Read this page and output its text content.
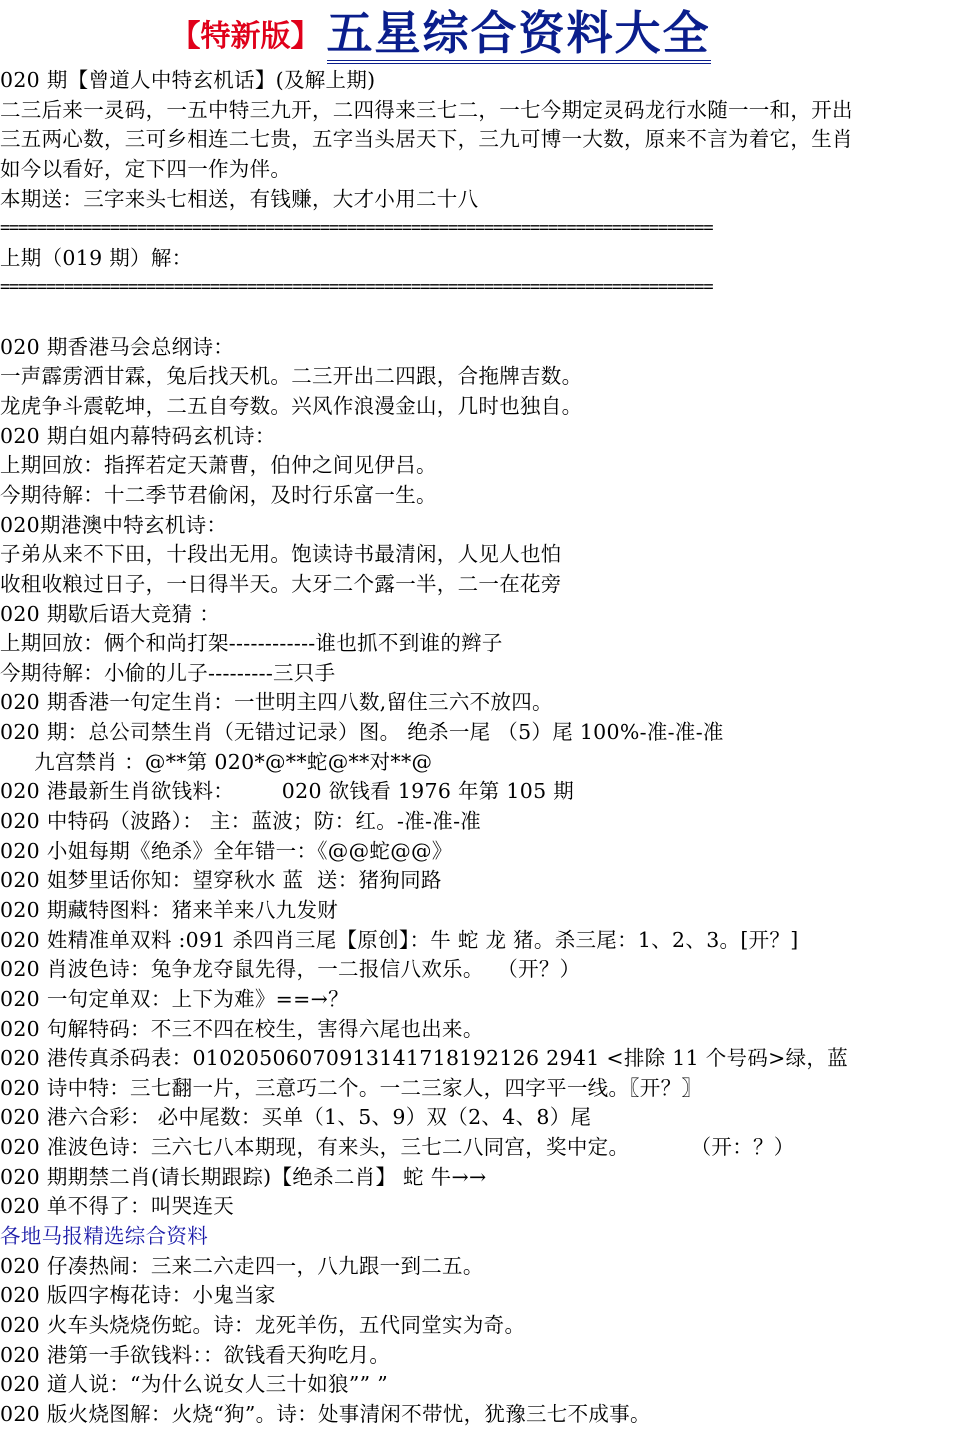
【特新版】 五星综合资料大全
020 期【曾道人中特玄机话】(及解上期)
二三后来一灵码，一五中特三九开，二四得来三七二，一七今期定灵码龙行水随一一和，开出
三五两心数，三可乡相连二七贵，五字当头居天下，三九可博一大数，原来不言为着它，生肖
如今以看好，定下四一作为伴。
本期送：三字来头七相送，有钱赚，大才小用二十八
==============================================================================
上期（019 期）解：
==============================================================================
020 期香港马会总纲诗：
一声霹雳洒甘霖，兔后找天机。二三开出二四跟，合拖牌吉数。
龙虎争斗震乾坤，二五自夸数。兴风作浪漫金山，几时也独自。
020 期白姐内幕特码玄机诗：
上期回放：指挥若定天萧曹，伯仲之间见伊吕。
今期待解：十二季节君偷闲，及时行乐富一生。
020期港澳中特玄机诗：
子弟从来不下田，十段出无用。饱读诗书最清闲，人见人也怕
收租收粮过日子，一日得半天。大牙二个露一半，二一在花旁
020 期歇后语大竞猜 ：
上期回放：俩个和尚打架------------谁也抓不到谁的辫子
今期待解：小偷的儿子---------三只手
020 期香港一句定生肖：一世明主四八数,留住三六不放四。
020 期：总公司禁生肖（无错过记录）图。 绝杀一尾 （5）尾 100%-准-准-准
九宫禁肖 ：@**第 020*@**蛇@**对**@
020 港最新生肖欲钱料：       020 欲钱看 1976 年第 105 期
020 中特码（波路）： 主：蓝波；防：红。-准-准-准
020 小姐每期《绝杀》全年错一：《@@蛇@@》
020 姐梦里话你知：望穿秋水 蓝  送：猪狗同路
020 期藏特图料：猪来羊来八九发财
020 姓精准单双料 :091 杀四肖三尾【原创】：牛 蛇 龙 猪。杀三尾：1、2、3。[开？]
020 肖波色诗：兔争龙夺鼠先得，一二报信八欢乐。  （开？）
020 一句定单双：上下为难》==→？
020 句解特码：不三不四在校生，害得六尾也出来。
020 港传真杀码表：01020506070913141718192126 2941 <排除 11 个号码>绿，蓝
020 诗中特：三七翻一片，三意巧二个。一二三家人，四字平一线。〖开？〗
020 港六合彩： 必中尾数：买单（1、5、9）双（2、4、8）尾
020 准波色诗：三六七八本期现，有来头，三七二八同宫，奖中定。         （开：？）
020 期期禁二肖(请长期跟踪)【绝杀二肖】 蛇 牛→→
020 单不得了：叫哭连天
各地马报精选综合资料
020 仔凑热闹：三来二六走四一，八九跟一到二五。
020 版四字梅花诗：小鬼当家
020 火车头烧烧伤蛇。诗：龙死羊伤，五代同堂实为奇。
020 港第一手欲钱料：：欲钱看天狗吃月。
020 道人说：“为什么说女人三十如狼”” ”
020 版火烧图解：火烧“狗”。诗：处事清闲不带忧，犹豫三七不成事。
